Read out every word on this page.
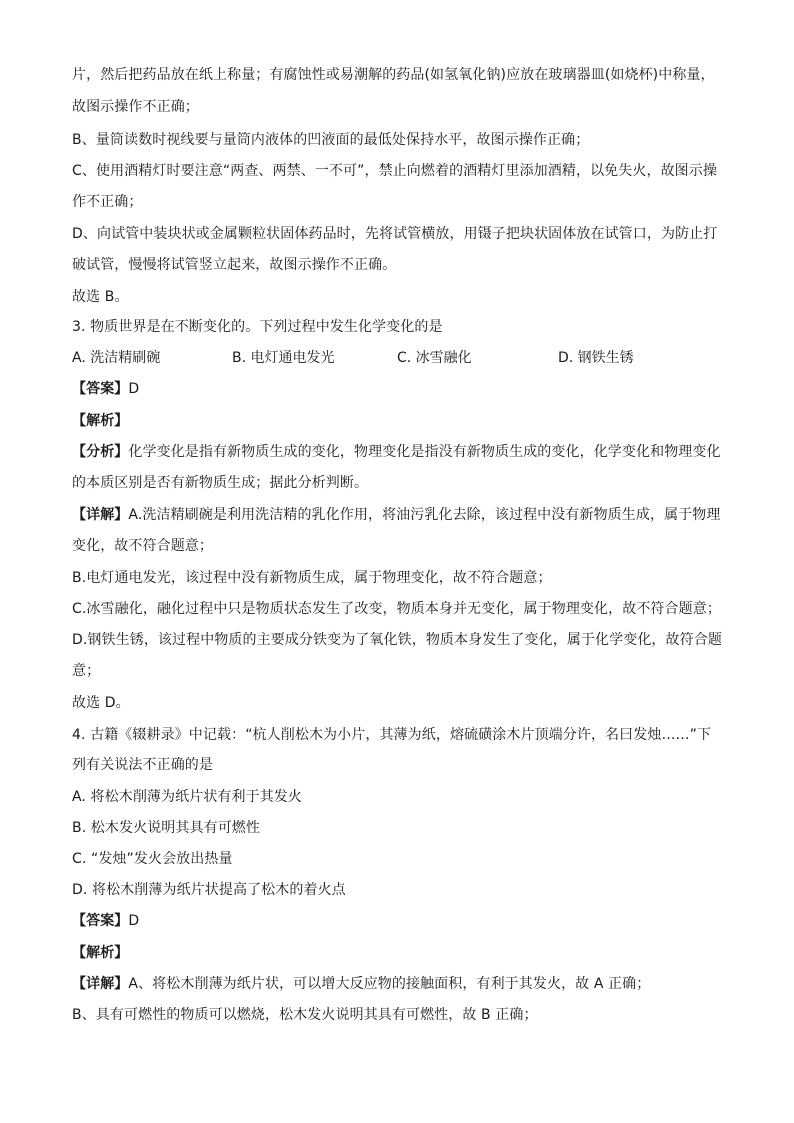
片，然后把药品放在纸上称量；有腐蚀性或易潮解的药品(如氢氧化钠)应放在玻璃器皿(如烧杯)中称量，
故图示操作不正确；
B、量筒读数时视线要与量筒内液体的凹液面的最低处保持水平，故图示操作正确；
C、使用酒精灯时要注意“两查、两禁、一不可”，禁止向燃着的酒精灯里添加酒精，以免失火，故图示操
作不正确；
D、向试管中装块状或金属颗粒状固体药品时，先将试管横放，用镊子把块状固体放在试管口，为防止打
破试管，慢慢将试管竖立起来，故图示操作不正确。
故选 B。
3. 物质世界是在不断变化的。下列过程中发生化学变化的是
A. 洗洁精刷碗	B. 电灯通电发光	C. 冰雪融化	D. 钢铁生锈
【答案】D
【解析】
【分析】化学变化是指有新物质生成的变化，物理变化是指没有新物质生成的变化，化学变化和物理变化
的本质区别是否有新物质生成；据此分析判断。
【详解】A.洗洁精刷碗是利用洗洁精的乳化作用，将油污乳化去除，该过程中没有新物质生成，属于物理
变化，故不符合题意；
B.电灯通电发光，该过程中没有新物质生成，属于物理变化，故不符合题意；
C.冰雪融化，融化过程中只是物质状态发生了改变，物质本身并无变化，属于物理变化，故不符合题意；
D.钢铁生锈，该过程中物质的主要成分铁变为了氧化铁，物质本身发生了变化，属于化学变化，故符合题
意；
故选 D。
4. 古籍《辍耕录》中记载：“杭人削松木为小片，其薄为纸，熔硫磺涂木片顶端分许，名曰发烛……”下
列有关说法不正确的是
A. 将松木削薄为纸片状有利于其发火
B. 松木发火说明其具有可燃性
C. “发烛”发火会放出热量
D. 将松木削薄为纸片状提高了松木的着火点
【答案】D
【解析】
【详解】A、将松木削薄为纸片状，可以增大反应物的接触面积，有利于其发火，故 A 正确；
B、具有可燃性的物质可以燃烧，松木发火说明其具有可燃性，故 B 正确；
